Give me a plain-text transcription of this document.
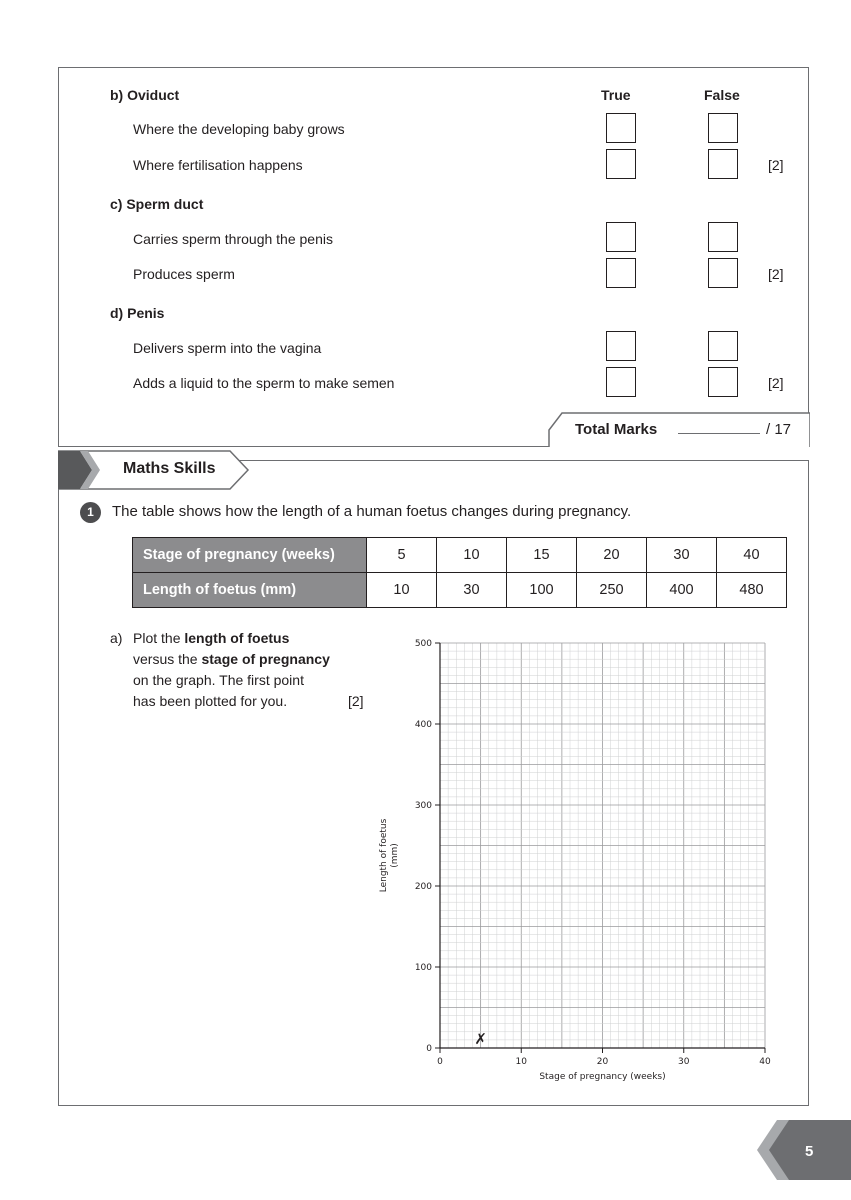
True	False
b) Oviduct
Where the developing baby grows
Where fertilisation happens	[2]
c) Sperm duct
Carries sperm through the penis
Produces sperm	[2]
d) Penis
Delivers sperm into the vagina
Adds a liquid to the sperm to make semen	[2]
Total Marks	/ 17
Maths Skills
1	The table shows how the length of a human foetus changes during pregnancy.
Stage of pregnancy (weeks)	5	10	15	20	30	40
Length of foetus (mm)	10	30	100	250	400	480
a) Plot the length of foetus
versus the stage of pregnancy
on the graph. The first point
has been plotted for you.	[2]
0	10	20	30	40
0
100
200
300
400
500
✗
Stage of pregnancy (weeks)
Length of foetus(mm)
5
